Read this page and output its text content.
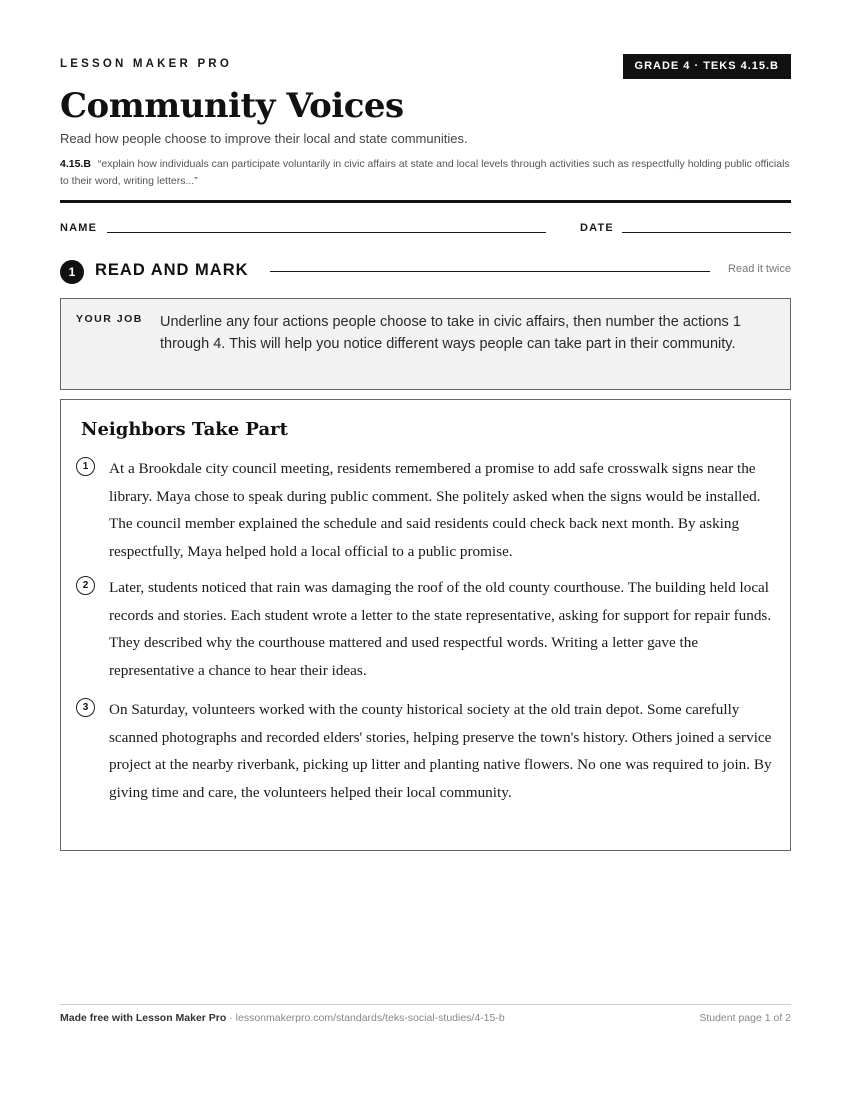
LESSON MAKER PRO	GRADE 4 · TEKS 4.15.B
Community Voices
Read how people choose to improve their local and state communities.
4.15.B “explain how individuals can participate voluntarily in civic affairs at state and local levels through activities such as respectfully holding public officials to their word, writing letters...”
NAME	DATE
1	READ AND MARK	Read it twice
YOUR JOB Underline any four actions people choose to take in civic affairs, then number the actions 1 through 4. This will help you notice different ways people can take part in their community.
Neighbors Take Part
1	At a Brookdale city council meeting, residents remembered a promise to add safe crosswalk signs near the library. Maya chose to speak during public comment. She politely asked when the signs would be installed. The council member explained the schedule and said residents could check back next month. By asking respectfully, Maya helped hold a local official to a public promise.

2	Later, students noticed that rain was damaging the roof of the old county courthouse. The building held local records and stories. Each student wrote a letter to the state representative, asking for support for repair funds. They described why the courthouse mattered and used respectful words. Writing a letter gave the representative a chance to hear their ideas.

3	On Saturday, volunteers worked with the county historical society at the old train depot. Some carefully scanned photographs and recorded elders' stories, helping preserve the town's history. Others joined a service project at the nearby riverbank, picking up litter and planting native flowers. No one was required to join. By giving time and care, the volunteers helped their local community.

Made free with Lesson Maker Pro · lessonmakerpro.com/standards/teks-social-studies/4-15-b	Student page 1 of 2
